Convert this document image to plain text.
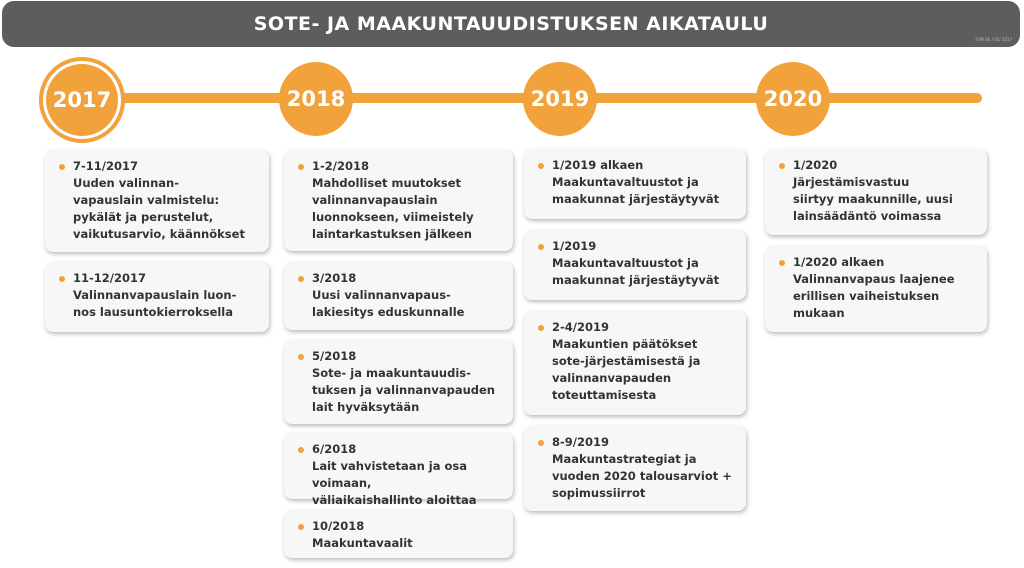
SOTE- JA MAAKUNTAUUDISTUKSEN AIKATAULU
STM 06 / 05/ 2017
2017	2018	2019	2020
7-11/2017
Uuden valinnan-
vapauslain valmistelu:
pykälät ja perustelut,
vaikutusarvio, käännökset
11-12/2017
Valinnanvapauslain luon-
nos lausuntokierroksella
1-2/2018
Mahdolliset muutokset
valinnanvapauslain
luonnokseen, viimeistely
laintarkastuksen jälkeen
3/2018
Uusi valinnanvapaus-
lakiesitys eduskunnalle
5/2018
Sote- ja maakuntauudis-
tuksen ja valinnanvapauden
lait hyväksytään
6/2018
Lait vahvistetaan ja osa voimaan,
väliaikaishallinto aloittaa
10/2018
Maakuntavaalit
1/2019 alkaen
Maakuntavaltuustot ja
maakunnat järjestäytyvät
1/2019
Maakuntavaltuustot ja
maakunnat järjestäytyvät
2-4/2019
Maakuntien päätökset
sote-järjestämisestä ja
valinnanvapauden
toteuttamisesta
8-9/2019
Maakuntastrategiat ja
vuoden 2020 talousarviot +
sopimussiirrot
1/2020
Järjestämisvastuu
siirtyy maakunnille, uusi
lainsäädäntö voimassa
1/2020 alkaen
Valinnanvapaus laajenee
erillisen vaiheistuksen
mukaan
